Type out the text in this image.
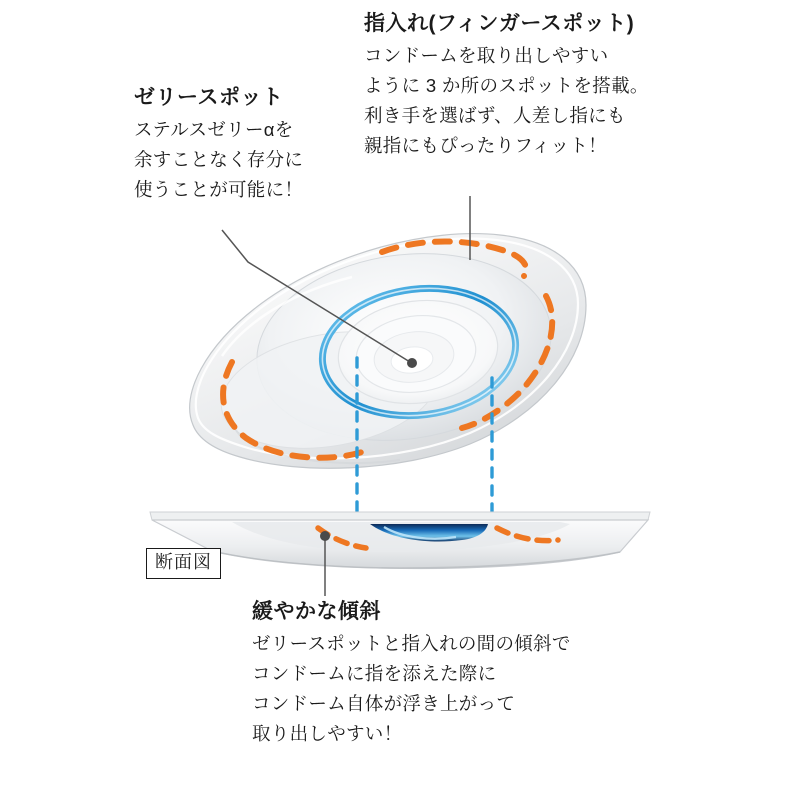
ゼリースポット
ステルスゼリーαを
余すことなく存分に
使うことが可能に！
指入れ(フィンガースポット)
コンドームを取り出しやすい
ように 3 か所のスポットを搭載。
利き手を選ばず、人差し指にも
親指にもぴったりフィット！
緩やかな傾斜
ゼリースポットと指入れの間の傾斜で
コンドームに指を添えた際に
コンドーム自体が浮き上がって
取り出しやすい！
断面図
